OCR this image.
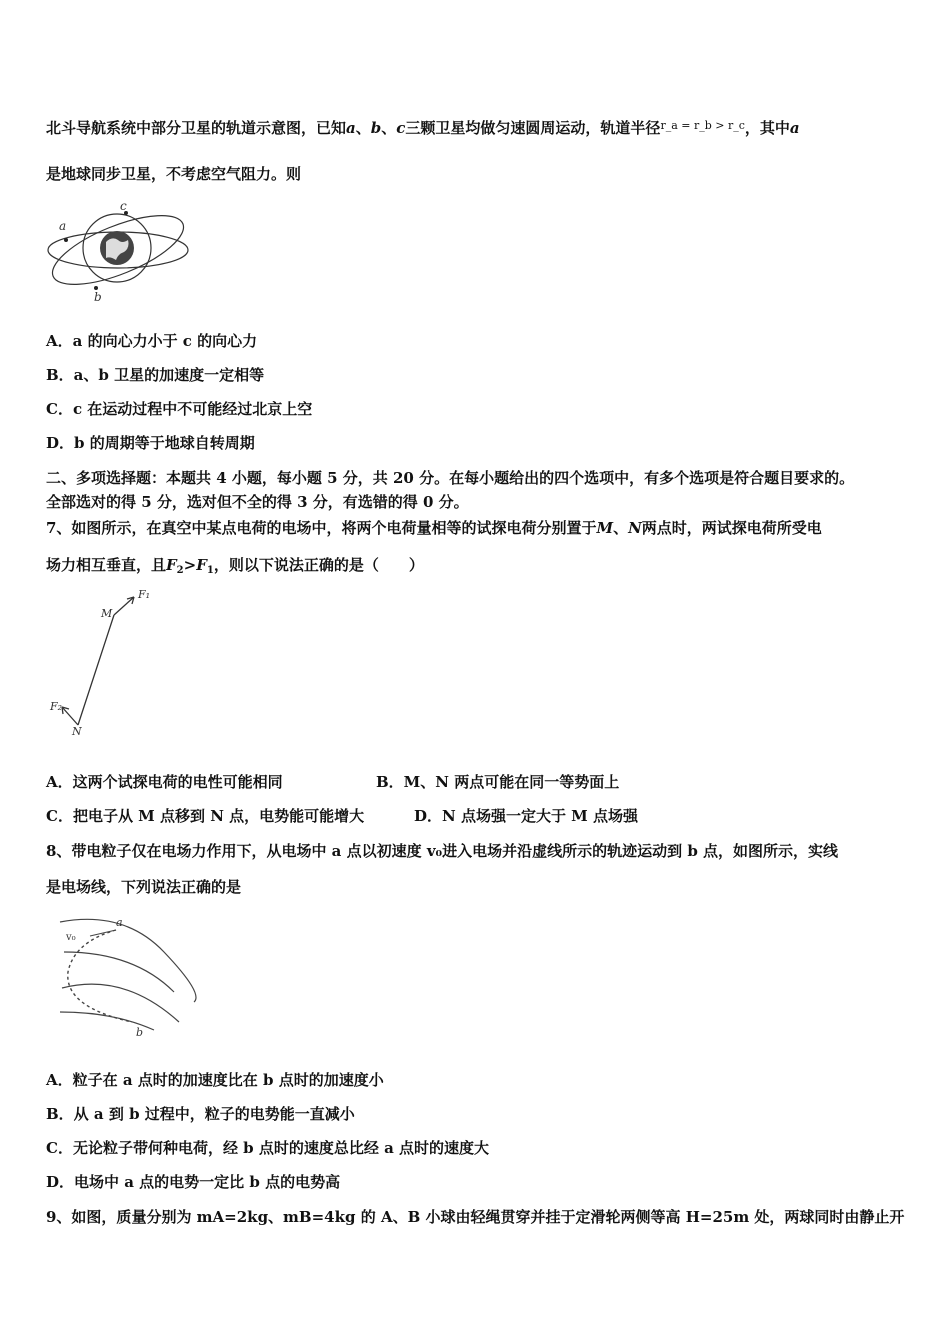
北斗导航系统中部分卫星的轨道示意图，已知a、b、c三颗卫星均做匀速圆周运动，轨道半径$^{r\_a = r\_b > r\_c}$，其中a
是地球同步卫星，不考虑空气阻力。则
a
c
b
A．a 的向心力小于 c 的向心力
B．a、b 卫星的加速度一定相等
C．c 在运动过程中不可能经过北京上空
D．b 的周期等于地球自转周期
二、多项选择题：本题共 4 小题，每小题 5 分，共 20 分。在每小题给出的四个选项中，有多个选项是符合题目要求的。
全部选对的得 5 分，选对但不全的得 3 分，有选错的得 0 分。
7、如图所示，在真空中某点电荷的电场中，将两个电荷量相等的试探电荷分别置于M、N两点时，两试探电荷所受电
场力相互垂直，且$F_2>F_1$，则以下说法正确的是（　　）
F₁
M
F₂
N
A．这两个试探电荷的电性可能相同	B．M、N 两点可能在同一等势面上
C．把电子从 M 点移到 N 点，电势能可能增大	D．N 点场强一定大于 M 点场强
8、带电粒子仅在电场力作用下，从电场中 a 点以初速度 v₀进入电场并沿虚线所示的轨迹运动到 b 点，如图所示，实线
是电场线，下列说法正确的是
a
b
v₀
A．粒子在 a 点时的加速度比在 b 点时的加速度小
B．从 a 到 b 过程中，粒子的电势能一直减小
C．无论粒子带何种电荷，经 b 点时的速度总比经 a 点时的速度大
D．电场中 a 点的电势一定比 b 点的电势高
9、如图，质量分别为 mA=2kg、mB=4kg 的 A、B 小球由轻绳贯穿并挂于定滑轮两侧等高 H=25m 处，两球同时由静止开
